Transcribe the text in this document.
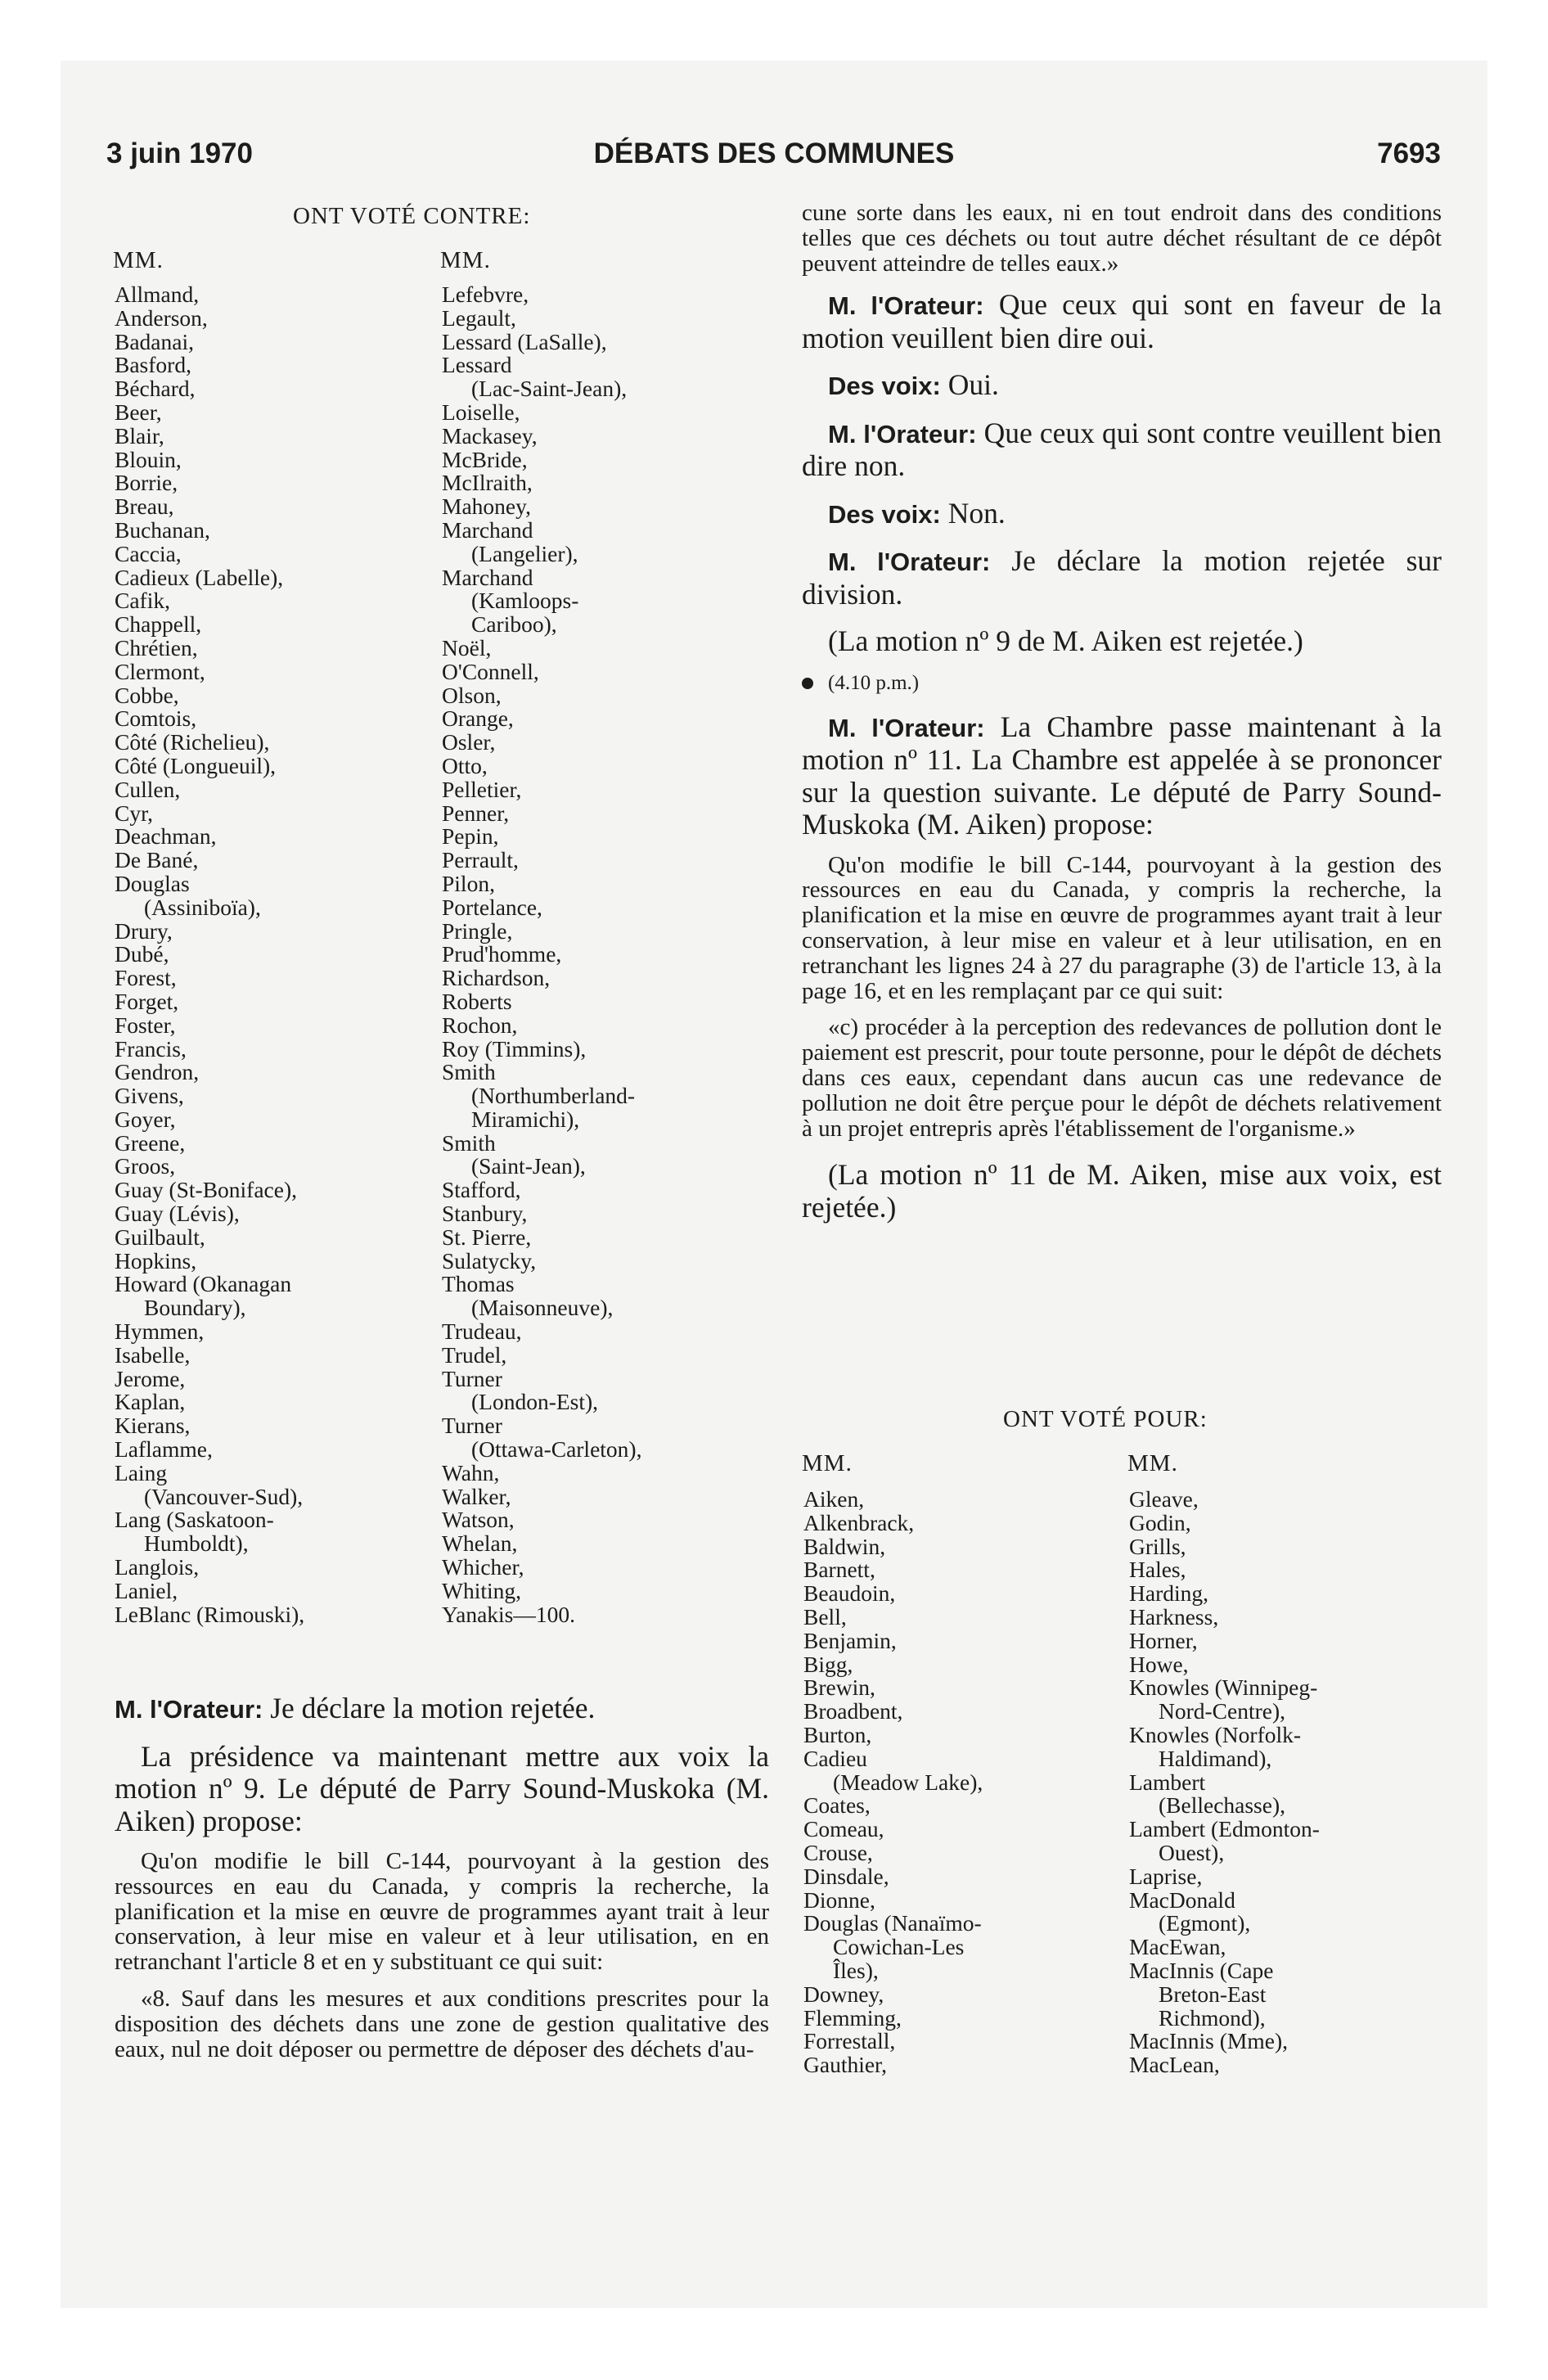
3 juin 1970	DÉBATS DES COMMUNES	7693
ONT VOTÉ CONTRE:
MM.	MM.
Allmand,
Anderson,
Badanai,
Basford,
Béchard,
Beer,
Blair,
Blouin,
Borrie,
Breau,
Buchanan,
Caccia,
Cadieux (Labelle),
Cafik,
Chappell,
Chrétien,
Clermont,
Cobbe,
Comtois,
Côté (Richelieu),
Côté (Longueuil),
Cullen,
Cyr,
Deachman,
De Bané,
Douglas
(Assiniboïa),
Drury,
Dubé,
Forest,
Forget,
Foster,
Francis,
Gendron,
Givens,
Goyer,
Greene,
Groos,
Guay (St-Boniface),
Guay (Lévis),
Guilbault,
Hopkins,
Howard (Okanagan
Boundary),
Hymmen,
Isabelle,
Jerome,
Kaplan,
Kierans,
Laflamme,
Laing
(Vancouver-Sud),
Lang (Saskatoon-
Humboldt),
Langlois,
Laniel,
LeBlanc (Rimouski),
Lefebvre,
Legault,
Lessard (LaSalle),
Lessard
(Lac-Saint-Jean),
Loiselle,
Mackasey,
McBride,
McIlraith,
Mahoney,
Marchand
(Langelier),
Marchand
(Kamloops-
Cariboo),
Noël,
O'Connell,
Olson,
Orange,
Osler,
Otto,
Pelletier,
Penner,
Pepin,
Perrault,
Pilon,
Portelance,
Pringle,
Prud'homme,
Richardson,
Roberts
Rochon,
Roy (Timmins),
Smith
(Northumberland-
Miramichi),
Smith
(Saint-Jean),
Stafford,
Stanbury,
St. Pierre,
Sulatycky,
Thomas
(Maisonneuve),
Trudeau,
Trudel,
Turner
(London-Est),
Turner
(Ottawa-Carleton),
Wahn,
Walker,
Watson,
Whelan,
Whicher,
Whiting,
Yanakis—100.

M. l'Orateur: Je déclare la motion rejetée.

La présidence va maintenant mettre aux voix la motion nº 9. Le député de Parry Sound-Muskoka (M. Aiken) propose:

Qu'on modifie le bill C-144, pourvoyant à la gestion des ressources en eau du Canada, y compris la recherche, la planification et la mise en œuvre de programmes ayant trait à leur conservation, à leur mise en valeur et à leur utilisation, en en retranchant l'article 8 et en y substituant ce qui suit:

«8. Sauf dans les mesures et aux conditions prescrites pour la disposition des déchets dans une zone de gestion qualitative des eaux, nul ne doit déposer ou permettre de déposer des déchets d'au-

cune sorte dans les eaux, ni en tout endroit dans des conditions telles que ces déchets ou tout autre déchet résultant de ce dépôt peuvent atteindre de telles eaux.»

M. l'Orateur: Que ceux qui sont en faveur de la motion veuillent bien dire oui.

Des voix: Oui.

M. l'Orateur: Que ceux qui sont contre veuillent bien dire non.

Des voix: Non.

M. l'Orateur: Je déclare la motion rejetée sur division.

(La motion nº 9 de M. Aiken est rejetée.)

(4.10 p.m.)

M. l'Orateur: La Chambre passe maintenant à la motion nº 11. La Chambre est appelée à se prononcer sur la question suivante. Le député de Parry Sound-Muskoka (M. Aiken) propose:

Qu'on modifie le bill C-144, pourvoyant à la gestion des ressources en eau du Canada, y compris la recherche, la planification et la mise en œuvre de programmes ayant trait à leur conservation, à leur mise en valeur et à leur utilisation, en en retranchant les lignes 24 à 27 du paragraphe (3) de l'article 13, à la page 16, et en les remplaçant par ce qui suit:

«c) procéder à la perception des redevances de pollution dont le paiement est prescrit, pour toute personne, pour le dépôt de déchets dans ces eaux, cependant dans aucun cas une redevance de pollution ne doit être perçue pour le dépôt de déchets relativement à un projet entrepris après l'établissement de l'organisme.»

(La motion nº 11 de M. Aiken, mise aux voix, est rejetée.)

ONT VOTÉ POUR:
MM.	MM.
Aiken,
Alkenbrack,
Baldwin,
Barnett,
Beaudoin,
Bell,
Benjamin,
Bigg,
Brewin,
Broadbent,
Burton,
Cadieu
(Meadow Lake),
Coates,
Comeau,
Crouse,
Dinsdale,
Dionne,
Douglas (Nanaïmo-
Cowichan-Les
Îles),
Downey,
Flemming,
Forrestall,
Gauthier,
Gleave,
Godin,
Grills,
Hales,
Harding,
Harkness,
Horner,
Howe,
Knowles (Winnipeg-
Nord-Centre),
Knowles (Norfolk-
Haldimand),
Lambert
(Bellechasse),
Lambert (Edmonton-
Ouest),
Laprise,
MacDonald
(Egmont),
MacEwan,
MacInnis (Cape
Breton-East
Richmond),
MacInnis (Mme),
MacLean,
